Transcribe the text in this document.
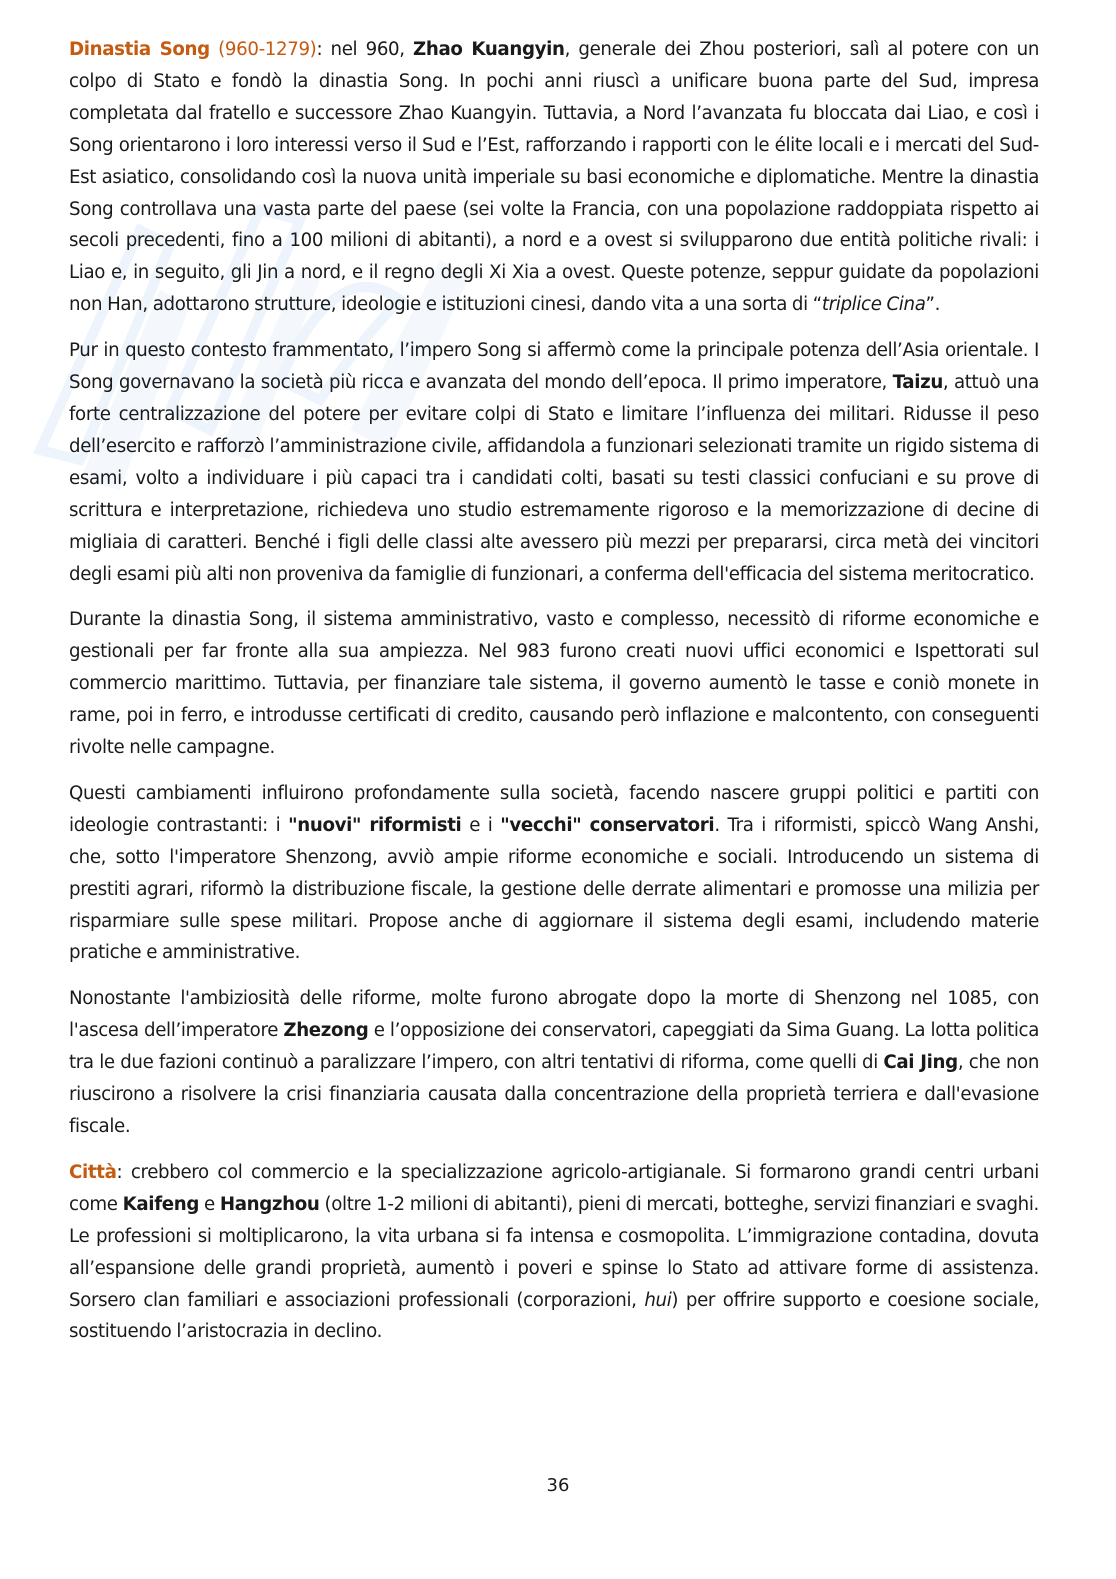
Dinastia Song (960-1279): nel 960, Zhao Kuangyin, generale dei Zhou posteriori, salì al potere con un colpo di Stato e fondò la dinastia Song. In pochi anni riuscì a unificare buona parte del Sud, impresa completata dal fratello e successore Zhao Kuangyin. Tuttavia, a Nord l’avanzata fu bloccata dai Liao, e così i Song orientarono i loro interessi verso il Sud e l’Est, rafforzando i rapporti con le élite locali e i mercati del Sud-Est asiatico, consolidando così la nuova unità imperiale su basi economiche e diplomatiche. Mentre la dinastia Song controllava una vasta parte del paese (sei volte la Francia, con una popolazione raddoppiata rispetto ai secoli precedenti, fino a 100 milioni di abitanti), a nord e a ovest si svilupparono due entità politiche rivali: i Liao e, in seguito, gli Jin a nord, e il regno degli Xi Xia a ovest. Queste potenze, seppur guidate da popolazioni non Han, adottarono strutture, ideologie e istituzioni cinesi, dando vita a una sorta di “triplice Cina”.

Pur in questo contesto frammentato, l’impero Song si affermò come la principale potenza dell’Asia orientale. I Song governavano la società più ricca e avanzata del mondo dell’epoca. Il primo imperatore, Taizu, attuò una forte centralizzazione del potere per evitare colpi di Stato e limitare l’influenza dei militari. Ridusse il peso dell’esercito e rafforzò l’amministrazione civile, affidandola a funzionari selezionati tramite un rigido sistema di esami, volto a individuare i più capaci tra i candidati colti, basati su testi classici confuciani e su prove di scrittura e interpretazione, richiedeva uno studio estremamente rigoroso e la memorizzazione di decine di migliaia di caratteri. Benché i figli delle classi alte avessero più mezzi per prepararsi, circa metà dei vincitori degli esami più alti non proveniva da famiglie di funzionari, a conferma dell'efficacia del sistema meritocratico.

Durante la dinastia Song, il sistema amministrativo, vasto e complesso, necessitò di riforme economiche e gestionali per far fronte alla sua ampiezza. Nel 983 furono creati nuovi uffici economici e Ispettorati sul commercio marittimo. Tuttavia, per finanziare tale sistema, il governo aumentò le tasse e coniò monete in rame, poi in ferro, e introdusse certificati di credito, causando però inflazione e malcontento, con conseguenti rivolte nelle campagne.

Questi cambiamenti influirono profondamente sulla società, facendo nascere gruppi politici e partiti con ideologie contrastanti: i "nuovi" riformisti e i "vecchi" conservatori. Tra i riformisti, spiccò Wang Anshi, che, sotto l'imperatore Shenzong, avviò ampie riforme economiche e sociali. Introducendo un sistema di prestiti agrari, riformò la distribuzione fiscale, la gestione delle derrate alimentari e promosse una milizia per risparmiare sulle spese militari. Propose anche di aggiornare il sistema degli esami, includendo materie pratiche e amministrative.

Nonostante l'ambiziosità delle riforme, molte furono abrogate dopo la morte di Shenzong nel 1085, con l'ascesa dell’imperatore Zhezong e l’opposizione dei conservatori, capeggiati da Sima Guang. La lotta politica tra le due fazioni continuò a paralizzare l’impero, con altri tentativi di riforma, come quelli di Cai Jing, che non riuscirono a risolvere la crisi finanziaria causata dalla concentrazione della proprietà terriera e dall'evasione fiscale.

Città: crebbero col commercio e la specializzazione agricolo-artigianale. Si formarono grandi centri urbani come Kaifeng e Hangzhou (oltre 1-2 milioni di abitanti), pieni di mercati, botteghe, servizi finanziari e svaghi. Le professioni si moltiplicarono, la vita urbana si fa intensa e cosmopolita. L’immigrazione contadina, dovuta all’espansione delle grandi proprietà, aumentò i poveri e spinse lo Stato ad attivare forme di assistenza. Sorsero clan familiari e associazioni professionali (corporazioni, hui) per offrire supporto e coesione sociale, sostituendo l’aristocrazia in declino.

36
